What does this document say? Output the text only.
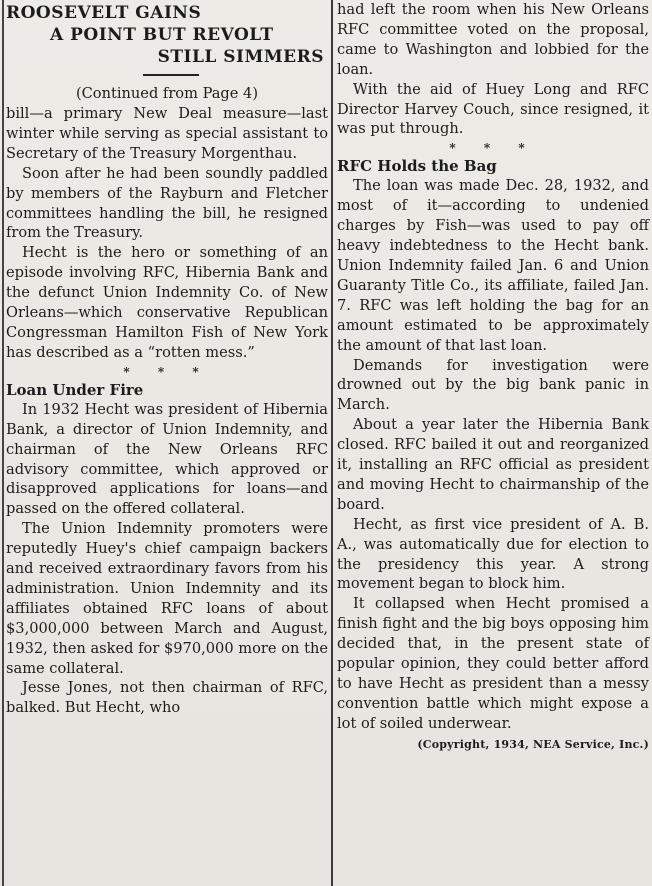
ROOSEVELT GAINS
A POINT BUT REVOLT
STILL SIMMERS

(Continued from Page 4)

bill—a primary New Deal measure—last winter while serving as special assistant to Secretary of the Treasury Morgenthau.

Soon after he had been soundly paddled by members of the Rayburn and Fletcher committees handling the bill, he resigned from the Treasury.

Hecht is the hero or something of an episode involving RFC, Hibernia Bank and the defunct Union Indemnity Co. of New Orleans—which conservative Republican Congressman Hamilton Fish of New York has described as a “rotten mess.”

* * *

Loan Under Fire

In 1932 Hecht was president of Hibernia Bank, a director of Union Indemnity, and chairman of the New Orleans RFC advisory committee, which approved or disapproved applications for loans—and passed on the offered collateral.

The Union Indemnity promoters were reputedly Huey's chief campaign backers and received extraordinary favors from his administration. Union Indemnity and its affiliates obtained RFC loans of about $3,000,000 between March and August, 1932, then asked for $970,000 more on the same collateral.

Jesse Jones, not then chairman of RFC, balked. But Hecht, who

had left the room when his New Orleans RFC committee voted on the proposal, came to Washington and lobbied for the loan.

With the aid of Huey Long and RFC Director Harvey Couch, since resigned, it was put through.

* * *

RFC Holds the Bag

The loan was made Dec. 28, 1932, and most of it—according to undenied charges by Fish—was used to pay off heavy indebtedness to the Hecht bank. Union Indemnity failed Jan. 6 and Union Guaranty Title Co., its affiliate, failed Jan. 7. RFC was left holding the bag for an amount estimated to be approximately the amount of that last loan.

Demands for investigation were drowned out by the big bank panic in March.

About a year later the Hibernia Bank closed. RFC bailed it out and reorganized it, installing an RFC official as president and moving Hecht to chairmanship of the board.

Hecht, as first vice president of A. B. A., was automatically due for election to the presidency this year. A strong movement began to block him.

It collapsed when Hecht promised a finish fight and the big boys opposing him decided that, in the present state of popular opinion, they could better afford to have Hecht as president than a messy convention battle which might expose a lot of soiled underwear.

(Copyright, 1934, NEA Service, Inc.)
